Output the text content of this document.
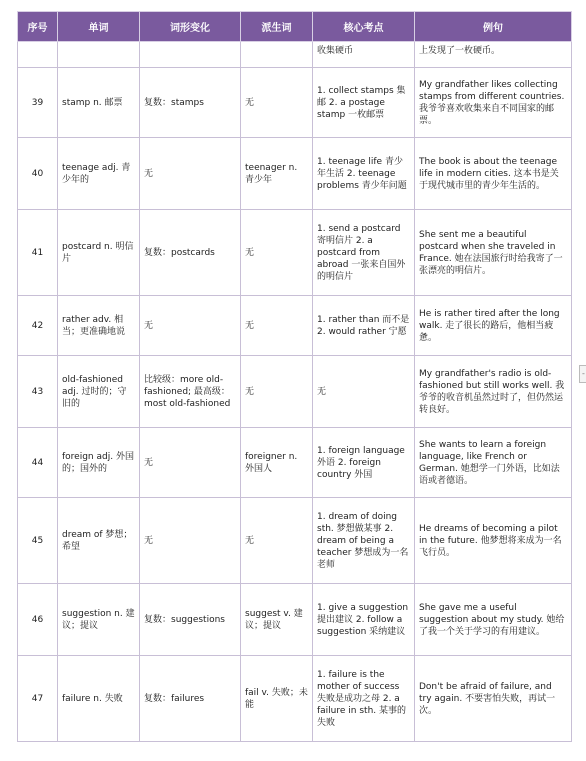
序号	单词	词形变化	派生词	核心考点	例句
				收集硬币	上发现了一枚硬币。
39	stamp n. 邮票	复数：stamps	无	1. collect stamps 集邮 2. a postage stamp 一枚邮票	My grandfather likes collecting stamps from different countries. 我爷爷喜欢收集来自不同国家的邮票。
40	teenage adj. 青少年的	无	teenager n. 青少年	1. teenage life 青少年生活 2. teenage problems 青少年问题	The book is about the teenage life in modern cities. 这本书是关于现代城市里的青少年生活的。
41	postcard n. 明信片	复数：postcards	无	1. send a postcard 寄明信片 2. a postcard from abroad 一张来自国外的明信片	She sent me a beautiful postcard when she traveled in France. 她在法国旅行时给我寄了一张漂亮的明信片。
42	rather adv. 相当；更准确地说	无	无	1. rather than 而不是 2. would rather 宁愿	He is rather tired after the long walk. 走了很长的路后，他相当疲惫。
43	old-fashioned adj. 过时的；守旧的	比较级：more old-fashioned; 最高级：most old-fashioned	无	无	My grandfather's radio is old-fashioned but still works well. 我爷爷的收音机虽然过时了，但仍然运转良好。
44	foreign adj. 外国的；国外的	无	foreigner n. 外国人	1. foreign language 外语 2. foreign country 外国	She wants to learn a foreign language, like French or German. 她想学一门外语，比如法语或者德语。
45	dream of 梦想；希望	无	无	1. dream of doing sth. 梦想做某事 2. dream of being a teacher 梦想成为一名老师	He dreams of becoming a pilot in the future. 他梦想将来成为一名飞行员。
46	suggestion n. 建议；提议	复数：suggestions	suggest v. 建议；提议	1. give a suggestion 提出建议 2. follow a suggestion 采纳建议	She gave me a useful suggestion about my study. 她给了我一个关于学习的有用建议。
47	failure n. 失败	复数：failures	fail v. 失败；未能	1. failure is the mother of success 失败是成功之母 2. a failure in sth. 某事的失败	Don't be afraid of failure, and try again. 不要害怕失败，再试一次。
-
